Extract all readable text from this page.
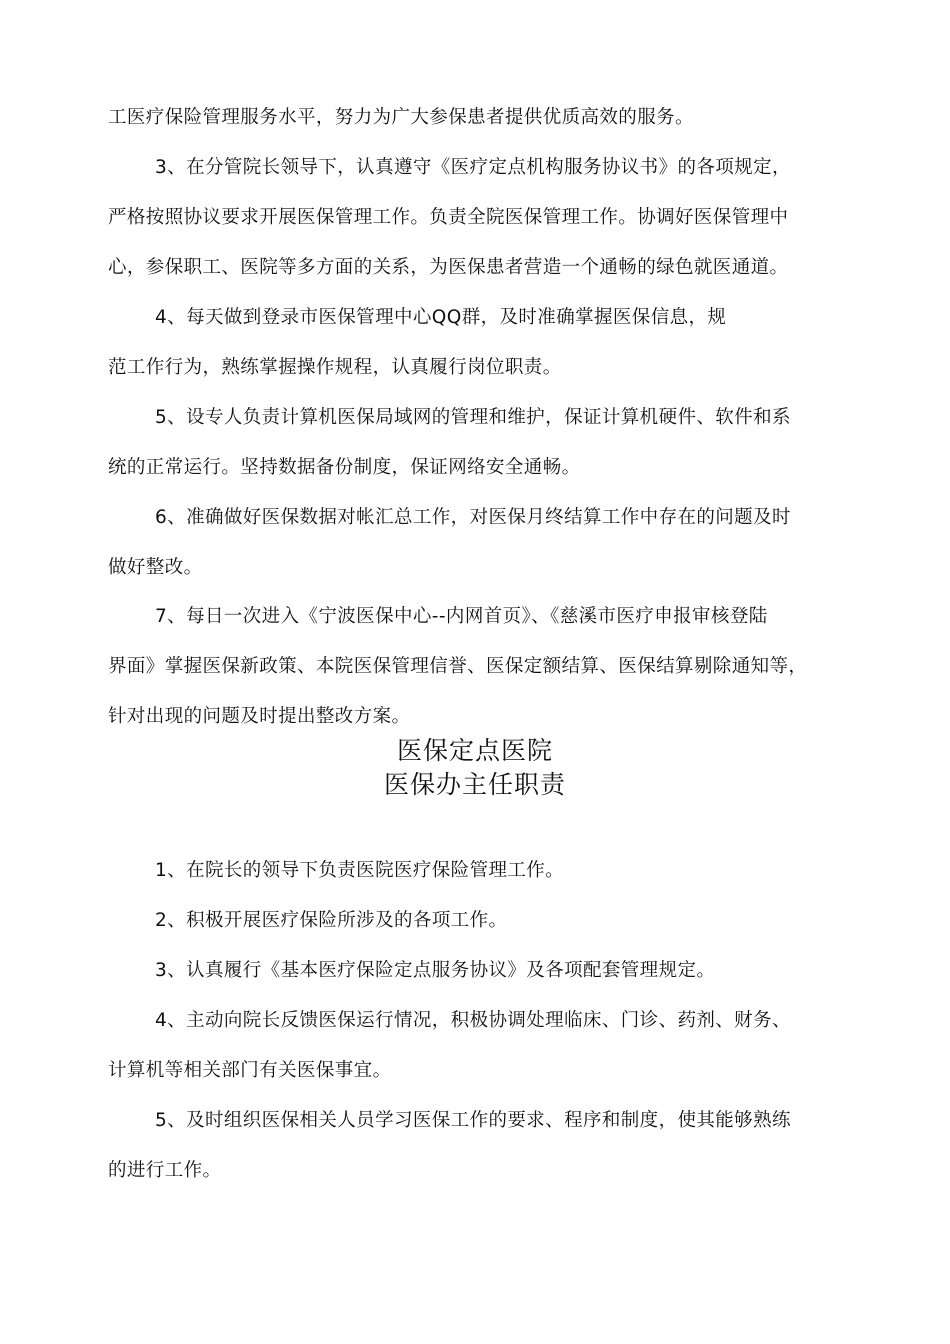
工医疗保险管理服务水平，努力为广大参保患者提供优质高效的服务。
3、在分管院长领导下，认真遵守《医疗定点机构服务协议书》的各项规定，
严格按照协议要求开展医保管理工作。负责全院医保管理工作。协调好医保管理中
心，参保职工、医院等多方面的关系，为医保患者营造一个通畅的绿色就医通道。
4、每天做到登录市医保管理中心QQ群，及时准确掌握医保信息，规
范工作行为，熟练掌握操作规程，认真履行岗位职责。
5、设专人负责计算机医保局域网的管理和维护，保证计算机硬件、软件和系
统的正常运行。坚持数据备份制度，保证网络安全通畅。
6、准确做好医保数据对帐汇总工作，对医保月终结算工作中存在的问题及时
做好整改。
7、每日一次进入《宁波医保中心--内网首页》、《慈溪市医疗申报审核登陆
界面》掌握医保新政策、本院医保管理信誉、医保定额结算、医保结算剔除通知等，
针对出现的问题及时提出整改方案。
医保定点医院
医保办主任职责
1、在院长的领导下负责医院医疗保险管理工作。
2、积极开展医疗保险所涉及的各项工作。
3、认真履行《基本医疗保险定点服务协议》及各项配套管理规定。
4、主动向院长反馈医保运行情况，积极协调处理临床、门诊、药剂、财务、
计算机等相关部门有关医保事宜。
5、及时组织医保相关人员学习医保工作的要求、程序和制度，使其能够熟练
的进行工作。
